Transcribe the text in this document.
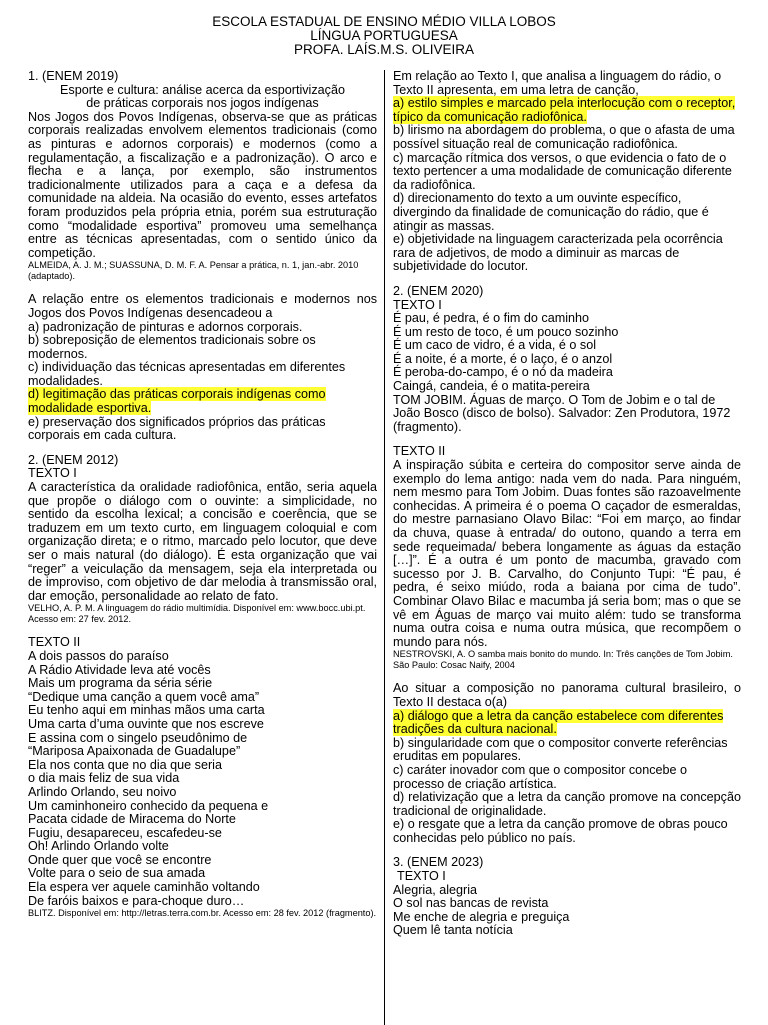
ESCOLA ESTADUAL DE ENSINO MÉDIO VILLA LOBOS
LÍNGUA PORTUGUESA
PROFA. LAÍS.M.S. OLIVEIRA

1. (ENEM 2019)

Esporte e cultura: análise acerca da esportivização de práticas corporais nos jogos indígenas

Nos Jogos dos Povos Indígenas, observa-se que as práticas corporais realizadas envolvem elementos tradicionais (como as pinturas e adornos corporais) e modernos (como a regulamentação, a fiscalização e a padronização). O arco e flecha e a lança, por exemplo, são instrumentos tradicionalmente utilizados para a caça e a defesa da comunidade na aldeia. Na ocasião do evento, esses artefatos foram produzidos pela própria etnia, porém sua estruturação como “modalidade esportiva” promoveu uma semelhança entre as técnicas apresentadas, com o sentido único da competição.

ALMEIDA, A. J. M.; SUASSUNA, D. M. F. A. Pensar a prática, n. 1, jan.-abr. 2010 (adaptado).

A relação entre os elementos tradicionais e modernos nos Jogos dos Povos Indígenas desencadeou a

a) padronização de pinturas e adornos corporais.

b) sobreposição de elementos tradicionais sobre os modernos.

c) individuação das técnicas apresentadas em diferentes modalidades.

d) legitimação das práticas corporais indígenas como modalidade esportiva.

e) preservação dos significados próprios das práticas corporais em cada cultura.

2. (ENEM 2012)

TEXTO I

A característica da oralidade radiofônica, então, seria aquela que propõe o diálogo com o ouvinte: a simplicidade, no sentido da escolha lexical; a concisão e coerência, que se traduzem em um texto curto, em linguagem coloquial e com organização direta; e o ritmo, marcado pelo locutor, que deve ser o mais natural (do diálogo). É esta organização que vai “reger” a veiculação da mensagem, seja ela interpretada ou de improviso, com objetivo de dar melodia à transmissão oral, dar emoção, personalidade ao relato de fato.

VELHO, A. P. M. A linguagem do rádio multimídia. Disponível em: www.bocc.ubi.pt. Acesso em: 27 fev. 2012.

TEXTO II

A dois passos do paraíso
A Rádio Atividade leva até vocês
Mais um programa da séria série
“Dedique uma canção a quem você ama”
Eu tenho aqui em minhas mãos uma carta
Uma carta d’uma ouvinte que nos escreve
E assina com o singelo pseudônimo de
“Mariposa Apaixonada de Guadalupe”
Ela nos conta que no dia que seria
o dia mais feliz de sua vida
Arlindo Orlando, seu noivo
Um caminhoneiro conhecido da pequena e
Pacata cidade de Miracema do Norte
Fugiu, desapareceu, escafedeu-se
Oh! Arlindo Orlando volte
Onde quer que você se encontre
Volte para o seio de sua amada
Ela espera ver aquele caminhão voltando
De faróis baixos e para-choque duro…

BLITZ. Disponível em: http://letras.terra.com.br. Acesso em: 28 fev. 2012 (fragmento).

Em relação ao Texto I, que analisa a linguagem do rádio, o Texto II apresenta, em uma letra de canção,

a) estilo simples e marcado pela interlocução com o receptor, típico da comunicação radiofônica.

b) lirismo na abordagem do problema, o que o afasta de uma possível situação real de comunicação radiofônica.

c) marcação rítmica dos versos, o que evidencia o fato de o texto pertencer a uma modalidade de comunicação diferente da radiofônica.

d) direcionamento do texto a um ouvinte específico, divergindo da finalidade de comunicação do rádio, que é atingir as massas.

e) objetividade na linguagem caracterizada pela ocorrência rara de adjetivos, de modo a diminuir as marcas de subjetividade do locutor.

2. (ENEM 2020)

TEXTO I

É pau, é pedra, é o fim do caminho
É um resto de toco, é um pouco sozinho
É um caco de vidro, é a vida, é o sol
É a noite, é a morte, é o laço, é o anzol
É peroba-do-campo, é o nó da madeira
Caingá, candeia, é o matita-pereira

TOM JOBIM. Águas de março. O Tom de Jobim e o tal de João Bosco (disco de bolso). Salvador: Zen Produtora, 1972 (fragmento).

TEXTO II

A inspiração súbita e certeira do compositor serve ainda de exemplo do lema antigo: nada vem do nada. Para ninguém, nem mesmo para Tom Jobim. Duas fontes são razoavelmente conhecidas. A primeira é o poema O caçador de esmeraldas, do mestre parnasiano Olavo Bilac: “Foi em março, ao findar da chuva, quase à entrada/ do outono, quando a terra em sede requeimada/ bebera longamente as águas da estação […]”. É a outra é um ponto de macumba, gravado com sucesso por J. B. Carvalho, do Conjunto Tupi: “É pau, é pedra, é seixo miúdo, roda a baiana por cima de tudo”. Combinar Olavo Bilac e macumba já seria bom; mas o que se vê em Águas de março vai muito além: tudo se transforma numa outra coisa e numa outra música, que recompõem o mundo para nós.

NESTROVSKI, A. O samba mais bonito do mundo. In: Três canções de Tom Jobim. São Paulo: Cosac Naify, 2004

Ao situar a composição no panorama cultural brasileiro, o Texto II destaca o(a)

a) diálogo que a letra da canção estabelece com diferentes tradições da cultura nacional.

b) singularidade com que o compositor converte referências eruditas em populares.

c) caráter inovador com que o compositor concebe o processo de criação artística.

d) relativização que a letra da canção promove na concepção tradicional de originalidade.

e) o resgate que a letra da canção promove de obras pouco conhecidas pelo público no país.

3. (ENEM 2023)

TEXTO I

Alegria, alegria
O sol nas bancas de revista
Me enche de alegria e preguiça
Quem lê tanta notícia
